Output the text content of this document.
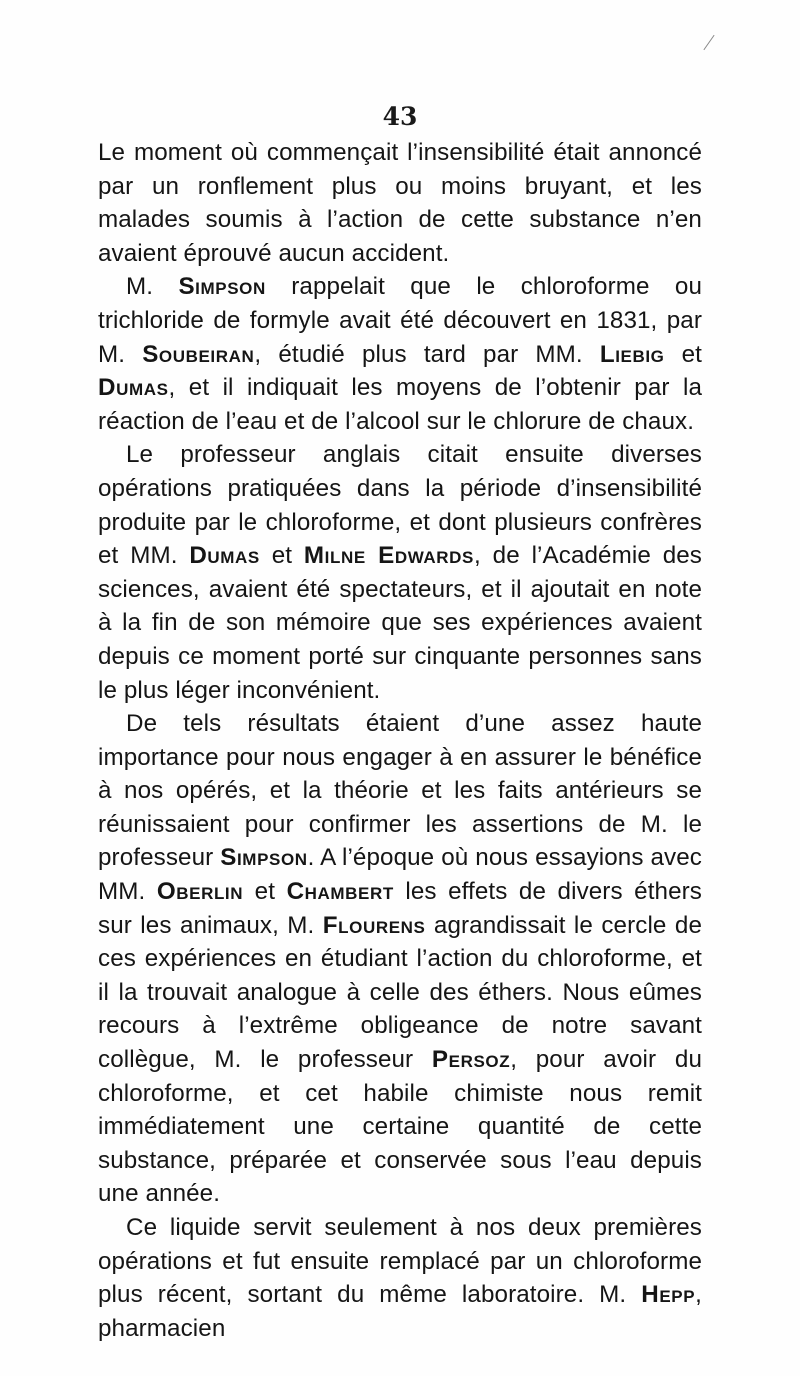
43

Le moment où commençait l’insensibilité était annoncé par un ronflement plus ou moins bruyant, et les malades soumis à l’action de cette substance n’en avaient éprouvé aucun accident.

M. Simpson rappelait que le chloroforme ou trichloride de formyle avait été découvert en 1831, par M. Soubeiran, étudié plus tard par MM. Liebig et Dumas, et il indiquait les moyens de l’obtenir par la réaction de l’eau et de l’alcool sur le chlorure de chaux.

Le professeur anglais citait ensuite diverses opérations pratiquées dans la période d’insensibilité produite par le chloroforme, et dont plusieurs confrères et MM. Dumas et Milne Edwards, de l’Académie des sciences, avaient été spectateurs, et il ajoutait en note à la fin de son mémoire que ses expériences avaient depuis ce moment porté sur cinquante personnes sans le plus léger inconvénient.

De tels résultats étaient d’une assez haute importance pour nous engager à en assurer le bénéfice à nos opérés, et la théorie et les faits antérieurs se réunissaient pour confirmer les assertions de M. le professeur Simpson. A l’époque où nous essayions avec MM. Oberlin et Chambert les effets de divers éthers sur les animaux, M. Flourens agrandissait le cercle de ces expériences en étudiant l’action du chloroforme, et il la trouvait analogue à celle des éthers. Nous eûmes recours à l’extrême obligeance de notre savant collègue, M. le professeur Persoz, pour avoir du chloroforme, et cet habile chimiste nous remit immédiatement une certaine quantité de cette substance, préparée et conservée sous l’eau depuis une année.

Ce liquide servit seulement à nos deux premières opérations et fut ensuite remplacé par un chloroforme plus récent, sortant du même laboratoire. M. Hepp, pharmacien
